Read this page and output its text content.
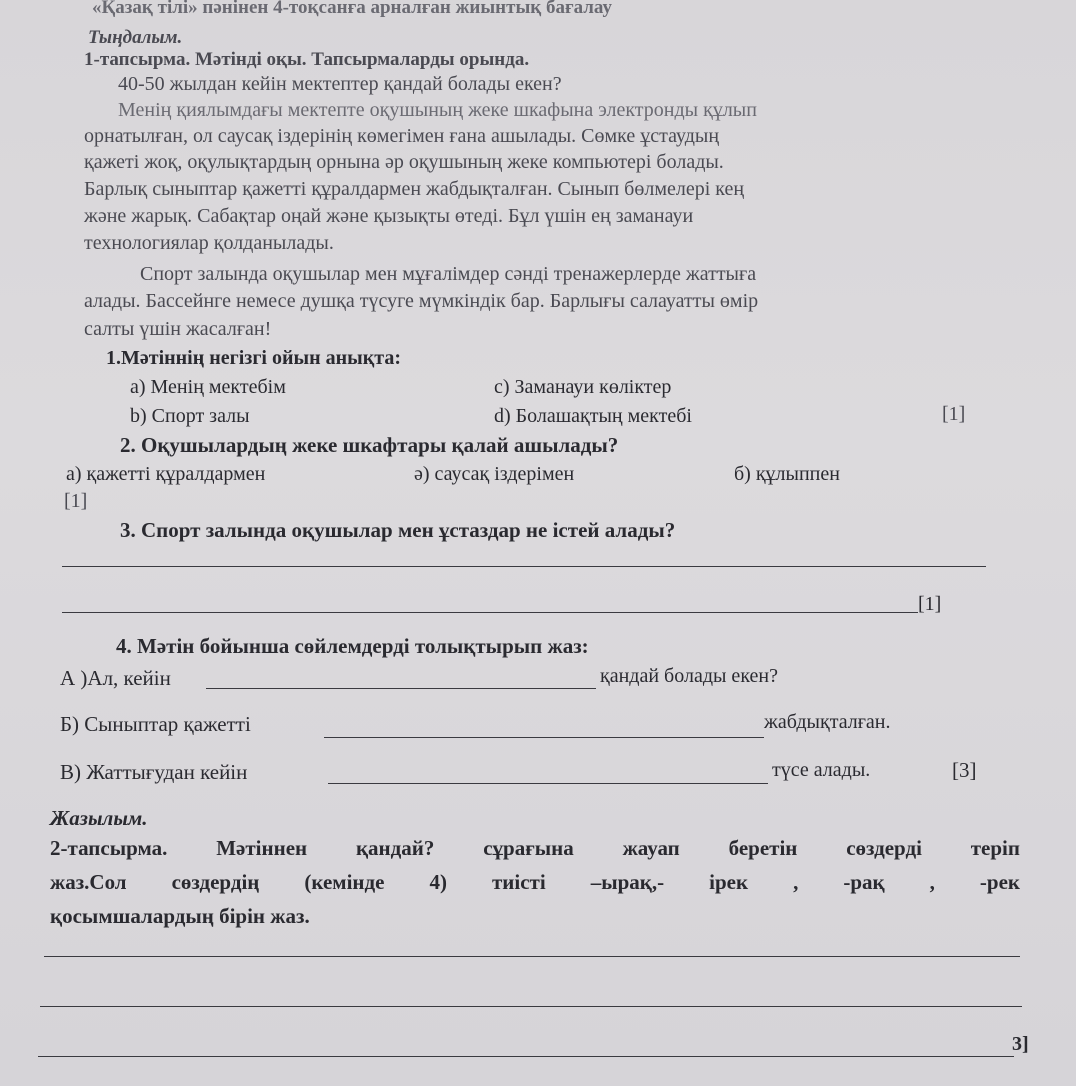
«Қазақ тілі» пәнінен 4-тоқсанға арналған жиынтық бағалау
Тыңдалым.
1-тапсырма. Мәтінді оқы. Тапсырмаларды орында.
40-50 жылдан кейін мектептер қандай болады екен?
Менің қиялымдағы мектепте оқушының жеке шкафына электронды құлып
орнатылған, ол саусақ іздерінің көмегімен ғана ашылады. Сөмке ұстаудың
қажеті жоқ, оқулықтардың орнына әр оқушының жеке компьютері болады.
Барлық сыныптар қажетті құралдармен жабдықталған. Сынып бөлмелері кең
және жарық. Сабақтар оңай және қызықты өтеді. Бұл үшін ең заманауи
технологиялар қолданылады.
Спорт залында оқушылар мен мұғалімдер сәнді тренажерлерде жаттыға
алады. Бассейнге немесе душқа түсуге мүмкіндік бар. Барлығы салауатты өмір
салты үшін жасалған!
1.Мәтіннің негізгі ойын анықта:
а) Менің мектебім	c) Заманауи көліктер
b) Спорт залы	d) Болашақтың мектебі	[1]
2. Оқушылардың жеке шкафтары қалай ашылады?
а) қажетті құралдармен	ә) саусақ іздерімен	б) құлыппен
[1]
3. Спорт залында оқушылар мен ұстаздар не істей алады?
[1]
4. Мәтін бойынша сөйлемдерді толықтырып жаз:
А )Ал, кейін	қандай болады екен?
Б) Сыныптар қажетті	жабдықталған.
В) Жаттығудан кейін	түсе алады.	[3]
Жазылым.
2-тапсырма. Мәтіннен қандай? сұрағына жауап беретін сөздерді теріп
жаз.Сол сөздердің (кемінде 4) тиісті –ырақ,- ірек , -рақ , -рек
қосымшалардың бірін жаз.
3]
